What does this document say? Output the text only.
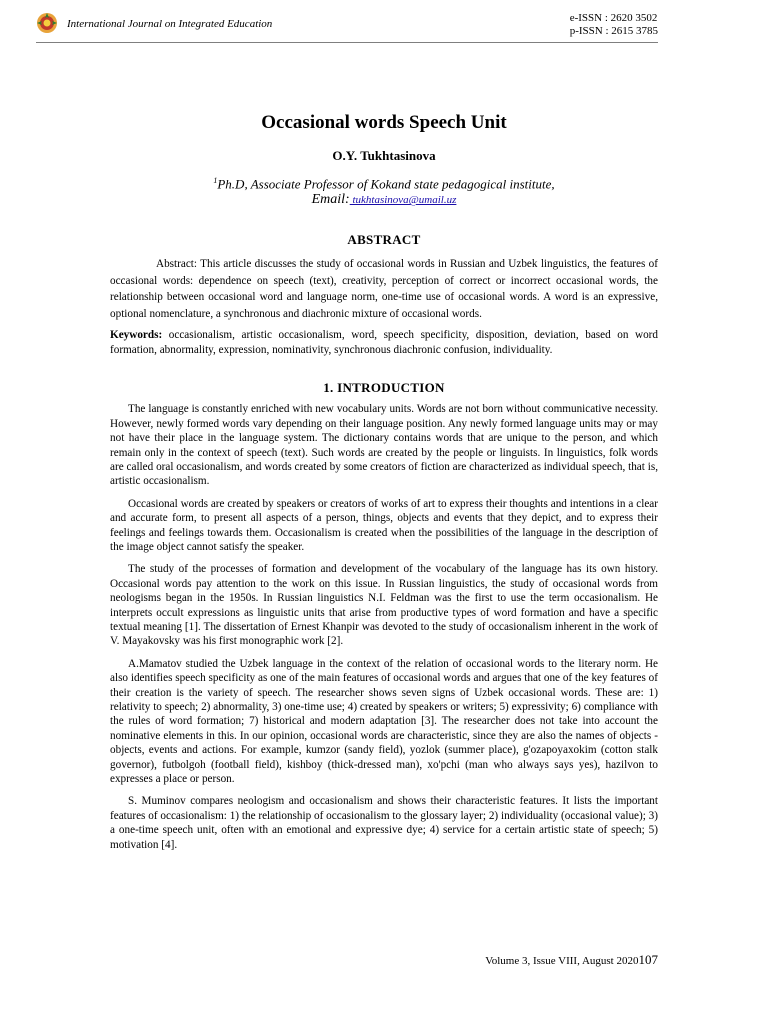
International Journal on Integrated Education	e-ISSN : 2620 3502
p-ISSN : 2615 3785
Occasional words Speech Unit

O.Y. Tukhtasinova

$^1$Ph.D, Associate Professor of Kokand state pedagogical institute,

Email: tukhtasinova@umail.uz

ABSTRACT

Abstract: This article discusses the study of occasional words in Russian and Uzbek linguistics, the features of occasional words: dependence on speech (text), creativity, perception of correct or incorrect occasional words, the relationship between occasional word and language norm, one-time use of occasional words. A word is an expressive, optional nomenclature, a synchronous and diachronic mixture of occasional words.

Keywords: occasionalism, artistic occasionalism, word, speech specificity, disposition, deviation, based on word formation, abnormality, expression, nominativity, synchronous diachronic confusion, individuality.

1. INTRODUCTION

The language is constantly enriched with new vocabulary units. Words are not born without communicative necessity. However, newly formed words vary depending on their language position. Any newly formed language units may or may not have their place in the language system. The dictionary contains words that are unique to the person, and which remain only in the context of speech (text). Such words are created by the people or linguists. In linguistics, folk words are called oral occasionalism, and words created by some creators of fiction are characterized as individual speech, that is, artistic occasionalism.

Occasional words are created by speakers or creators of works of art to express their thoughts and intentions in a clear and accurate form, to present all aspects of a person, things, objects and events that they depict, and to express their feelings and feelings towards them. Occasionalism is created when the possibilities of the language in the description of the image object cannot satisfy the speaker.

The study of the processes of formation and development of the vocabulary of the language has its own history. Occasional words pay attention to the work on this issue. In Russian linguistics, the study of occasional words from neologisms began in the 1950s. In Russian linguistics N.I. Feldman was the first to use the term occasionalism. He interprets occult expressions as linguistic units that arise from productive types of word formation and have a specific textual meaning [1]. The dissertation of Ernest Khanpir was devoted to the study of occasionalism inherent in the work of V. Mayakovsky was his first monographic work [2].

A.Mamatov studied the Uzbek language in the context of the relation of occasional words to the literary norm. He also identifies speech specificity as one of the main features of occasional words and argues that one of the key features of their creation is the variety of speech. The researcher shows seven signs of Uzbek occasional words. These are: 1) relativity to speech; 2) abnormality, 3) one-time use; 4) created by speakers or writers; 5) expressivity; 6) compliance with the rules of word formation; 7) historical and modern adaptation [3]. The researcher does not take into account the nominative elements in this. In our opinion, occasional words are characteristic, since they are also the names of objects - objects, events and actions. For example, kumzor (sandy field), yozlok (summer place), g'ozapoyaxokim (cotton stalk governor), futbolgoh (football field), kishboy (thick-dressed man), xo'pchi (man who always says yes), hazilvon to expresses a place or person.

S. Muminov compares neologism and occasionalism and shows their characteristic features. It lists the important features of occasionalism: 1) the relationship of occasionalism to the glossary layer; 2) individuality (occasional value); 3) a one-time speech unit, often with an emotional and expressive dye; 4) service for a certain artistic state of speech; 5) motivation [4].

Volume 3, Issue VIII, August 2020107
